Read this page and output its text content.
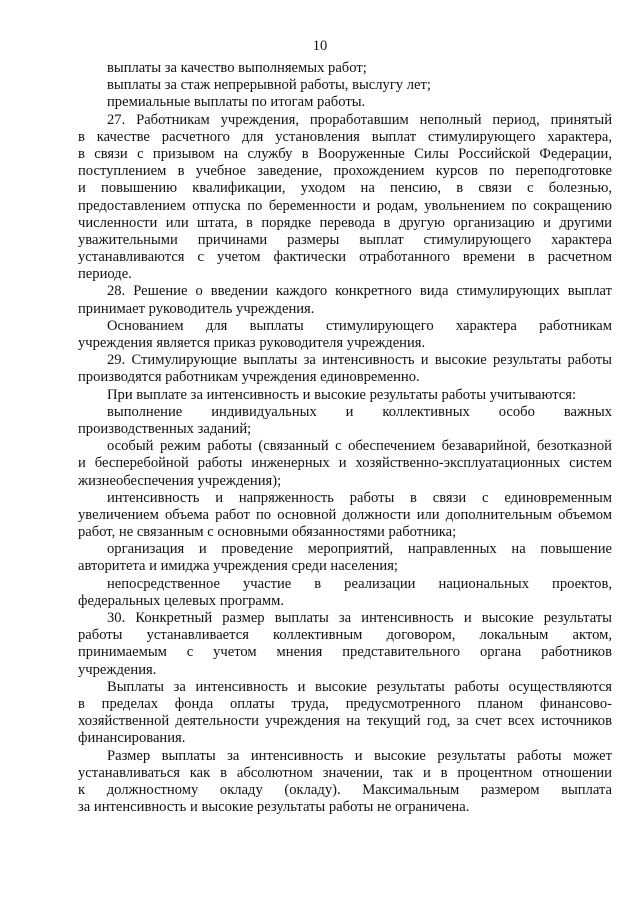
10
выплаты за качество выполняемых работ;
выплаты за стаж непрерывной работы, выслугу лет;
премиальные выплаты по итогам работы.
27. Работникам учреждения, проработавшим неполный период, принятый
в качестве расчетного для установления выплат стимулирующего характера,
в связи с призывом на службу в Вооруженные Силы Российской Федерации,
поступлением в учебное заведение, прохождением курсов по переподготовке
и повышению квалификации, уходом на пенсию, в связи с болезнью,
предоставлением отпуска по беременности и родам, увольнением по сокращению
численности или штата, в порядке перевода в другую организацию и другими
уважительными причинами размеры выплат стимулирующего характера
устанавливаются с учетом фактически отработанного времени в расчетном
периоде.
28. Решение о введении каждого конкретного вида стимулирующих выплат
принимает руководитель учреждения.
Основанием для выплаты стимулирующего характера работникам
учреждения является приказ руководителя учреждения.
29. Стимулирующие выплаты за интенсивность и высокие результаты работы
производятся работникам учреждения единовременно.
При выплате за интенсивность и высокие результаты работы учитываются:
выполнение индивидуальных и коллективных особо важных
производственных заданий;
особый режим работы (связанный с обеспечением безаварийной, безотказной
и бесперебойной работы инженерных и хозяйственно-эксплуатационных систем
жизнеобеспечения учреждения);
интенсивность и напряженность работы в связи с единовременным
увеличением объема работ по основной должности или дополнительным объемом
работ, не связанным с основными обязанностями работника;
организация и проведение мероприятий, направленных на повышение
авторитета и имиджа учреждения среди населения;
непосредственное участие в реализации национальных проектов,
федеральных целевых программ.
30. Конкретный размер выплаты за интенсивность и высокие результаты
работы устанавливается коллективным договором, локальным актом,
принимаемым с учетом мнения представительного органа работников
учреждения.
Выплаты за интенсивность и высокие результаты работы осуществляются
в пределах фонда оплаты труда, предусмотренного планом финансово-
хозяйственной деятельности учреждения на текущий год, за счет всех источников
финансирования.
Размер выплаты за интенсивность и высокие результаты работы может
устанавливаться как в абсолютном значении, так и в процентном отношении
к должностному окладу (окладу). Максимальным размером выплата
за интенсивность и высокие результаты работы не ограничена.
